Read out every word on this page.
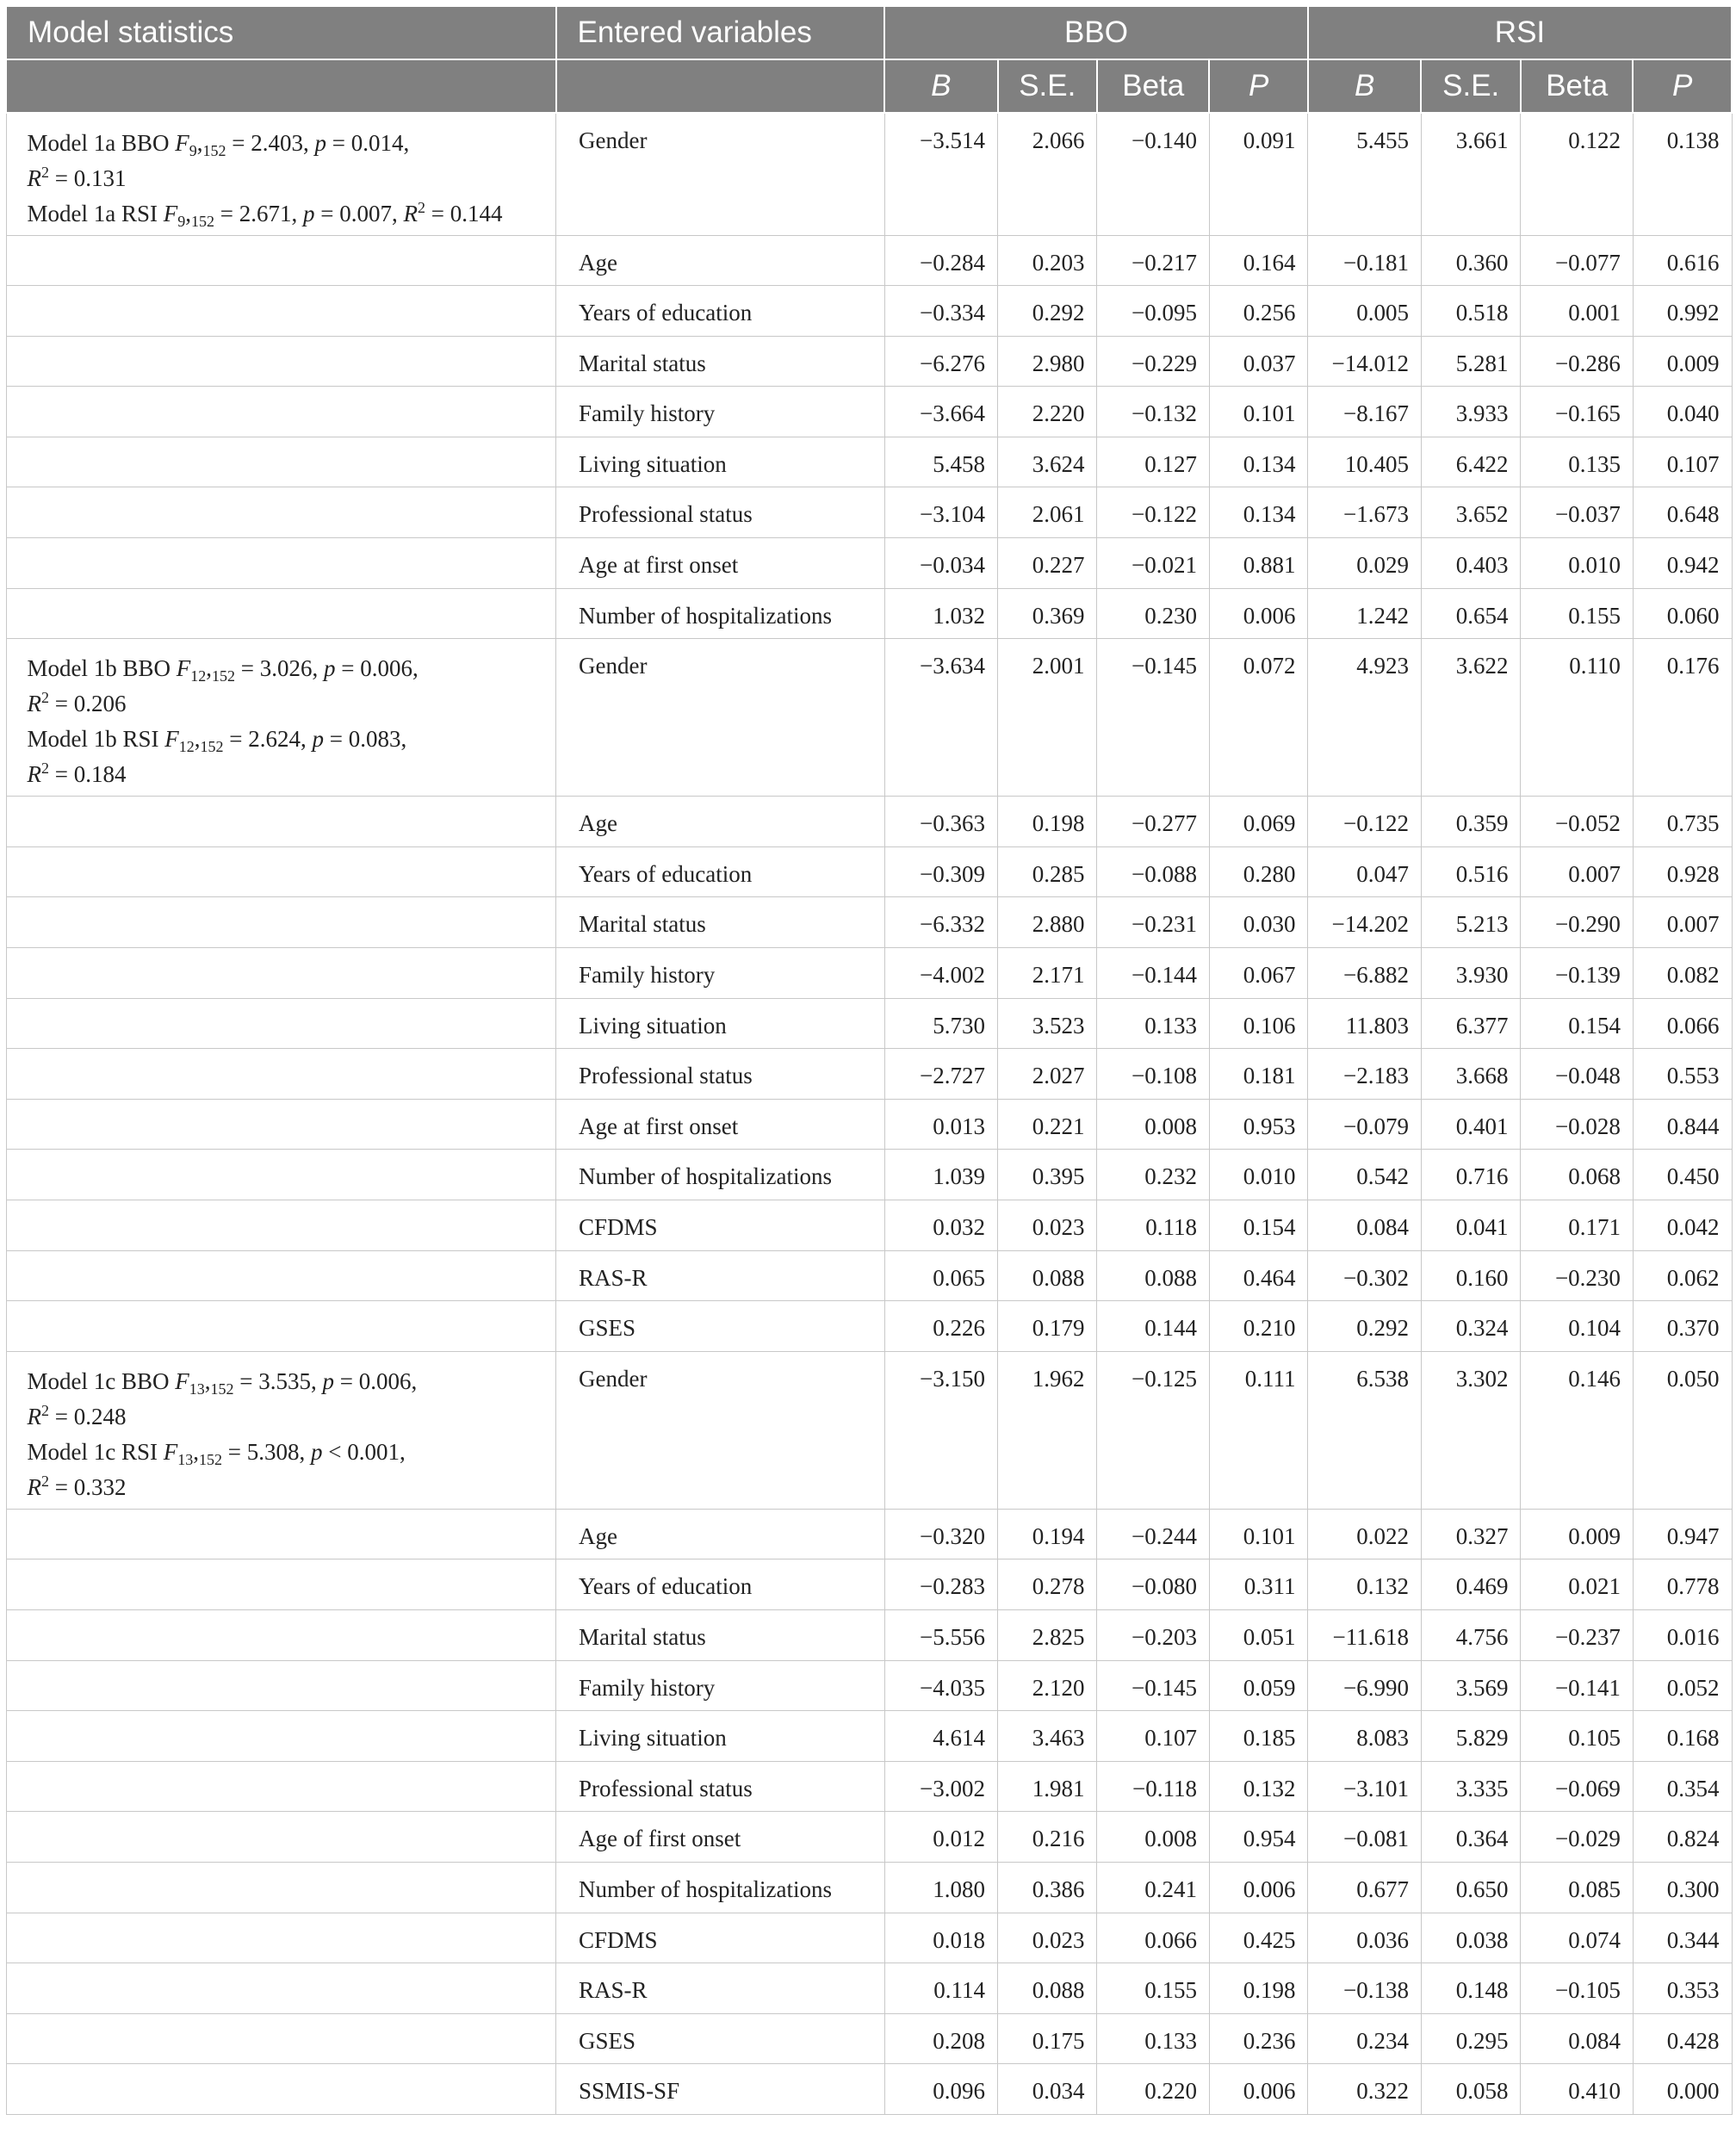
Model statistics	Entered variables	BBO				RSI			
		B	S.E.	Beta	P	B	S.E.	Beta	P

Model 1a BBO $F_9,_{152} = 2.403$, p = 0.014,
$R^2 = 0.131$
Model 1a RSI $F_9,_{152} = 2.671$, p = 0.007, $R^2 = 0.144$	Gender	−3.514	2.066	−0.140	0.091	5.455	3.661	0.122	0.138
	Age	−0.284	0.203	−0.217	0.164	−0.181	0.360	−0.077	0.616
	Years of education	−0.334	0.292	−0.095	0.256	0.005	0.518	0.001	0.992
	Marital status	−6.276	2.980	−0.229	0.037	−14.012	5.281	−0.286	0.009
	Family history	−3.664	2.220	−0.132	0.101	−8.167	3.933	−0.165	0.040
	Living situation	5.458	3.624	0.127	0.134	10.405	6.422	0.135	0.107
	Professional status	−3.104	2.061	−0.122	0.134	−1.673	3.652	−0.037	0.648
	Age at first onset	−0.034	0.227	−0.021	0.881	0.029	0.403	0.010	0.942
	Number of hospitalizations	1.032	0.369	0.230	0.006	1.242	0.654	0.155	0.060

Model 1b BBO $F_{12},_{152} = 3.026$, p = 0.006,
$R^2 = 0.206$
Model 1b RSI $F_{12},_{152} = 2.624$, p = 0.083,
$R^2 = 0.184$	Gender	−3.634	2.001	−0.145	0.072	4.923	3.622	0.110	0.176
	Age	−0.363	0.198	−0.277	0.069	−0.122	0.359	−0.052	0.735
	Years of education	−0.309	0.285	−0.088	0.280	0.047	0.516	0.007	0.928
	Marital status	−6.332	2.880	−0.231	0.030	−14.202	5.213	−0.290	0.007
	Family history	−4.002	2.171	−0.144	0.067	−6.882	3.930	−0.139	0.082
	Living situation	5.730	3.523	0.133	0.106	11.803	6.377	0.154	0.066
	Professional status	−2.727	2.027	−0.108	0.181	−2.183	3.668	−0.048	0.553
	Age at first onset	0.013	0.221	0.008	0.953	−0.079	0.401	−0.028	0.844
	Number of hospitalizations	1.039	0.395	0.232	0.010	0.542	0.716	0.068	0.450
	CFDMS	0.032	0.023	0.118	0.154	0.084	0.041	0.171	0.042
	RAS-R	0.065	0.088	0.088	0.464	−0.302	0.160	−0.230	0.062
	GSES	0.226	0.179	0.144	0.210	0.292	0.324	0.104	0.370

Model 1c BBO $F_{13},_{152} = 3.535$, p = 0.006,
$R^2 = 0.248$
Model 1c RSI $F_{13},_{152} = 5.308$, p < 0.001,
$R^2 = 0.332$	Gender	−3.150	1.962	−0.125	0.111	6.538	3.302	0.146	0.050
	Age	−0.320	0.194	−0.244	0.101	0.022	0.327	0.009	0.947
	Years of education	−0.283	0.278	−0.080	0.311	0.132	0.469	0.021	0.778
	Marital status	−5.556	2.825	−0.203	0.051	−11.618	4.756	−0.237	0.016
	Family history	−4.035	2.120	−0.145	0.059	−6.990	3.569	−0.141	0.052
	Living situation	4.614	3.463	0.107	0.185	8.083	5.829	0.105	0.168
	Professional status	−3.002	1.981	−0.118	0.132	−3.101	3.335	−0.069	0.354
	Age of first onset	0.012	0.216	0.008	0.954	−0.081	0.364	−0.029	0.824
	Number of hospitalizations	1.080	0.386	0.241	0.006	0.677	0.650	0.085	0.300
	CFDMS	0.018	0.023	0.066	0.425	0.036	0.038	0.074	0.344
	RAS-R	0.114	0.088	0.155	0.198	−0.138	0.148	−0.105	0.353
	GSES	0.208	0.175	0.133	0.236	0.234	0.295	0.084	0.428
	SSMIS-SF	0.096	0.034	0.220	0.006	0.322	0.058	0.410	0.000
